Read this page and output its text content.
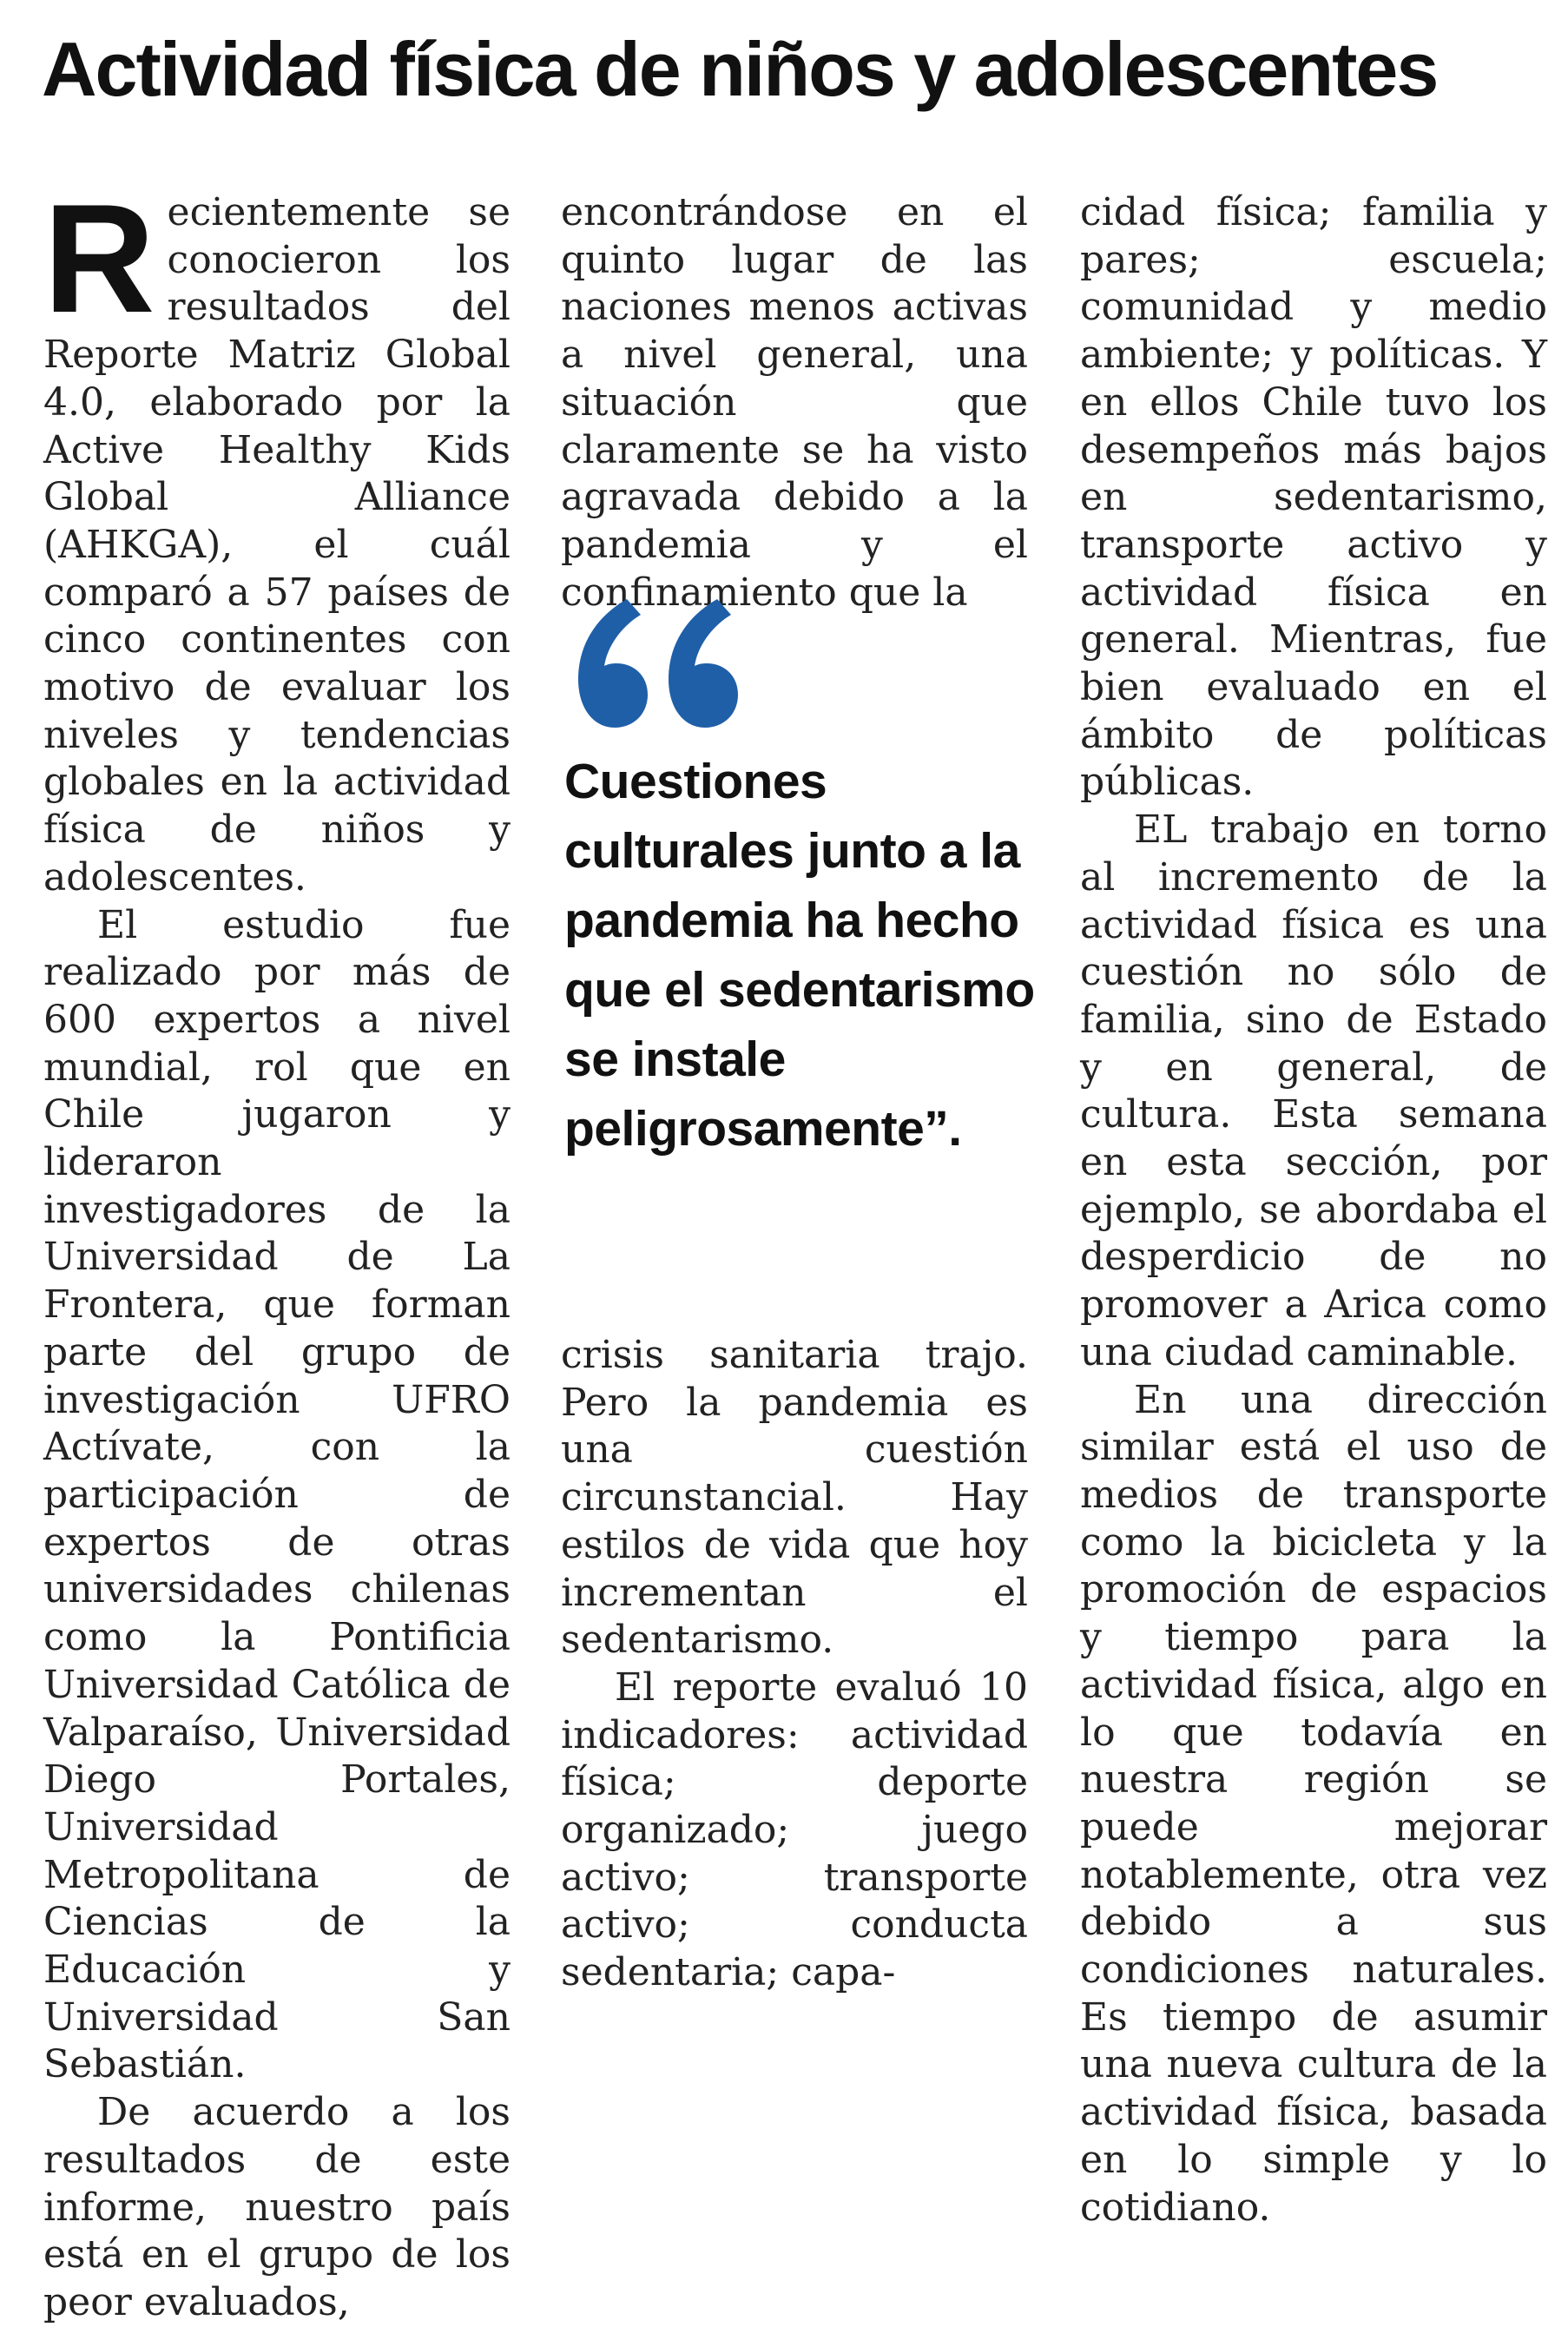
Actividad física de niños y adolescentes

Recientemente se conocieron los resultados del Reporte Matriz Global 4.0, elaborado por la Active Healthy Kids Global Alliance (AHKGA), el cuál comparó a 57 países de cinco continentes con motivo de evaluar los niveles y tendencias globales en la actividad física de niños y adolescentes.

El estudio fue realizado por más de 600 expertos a nivel mundial, rol que en Chile jugaron y lideraron investigadores de la Universidad de La Frontera, que forman parte del grupo de investigación UFRO Actívate, con la participación de expertos de otras universidades chilenas como la Pontificia Universidad Católica de Valparaíso, Universidad Diego Portales, Universidad Metropolitana de Ciencias de la Educación y Universidad San Sebastián.

De acuerdo a los resultados de este informe, nuestro país está en el grupo de los peor evaluados,

encontrándose en el quinto lugar de las naciones menos activas a nivel general, una situación que claramente se ha visto agravada debido a la pandemia y el confinamiento que la

Cuestiones culturales junto a la pandemia ha hecho que el sedentarismo se instale peligrosamente”.

crisis sanitaria trajo. Pero la pandemia es una cuestión circunstancial. Hay estilos de vida que hoy incrementan el sedentarismo.

El reporte evaluó 10 indicadores: actividad física; deporte organizado; juego activo; transporte activo; conducta sedentaria; capa-

cidad física; familia y pares; escuela; comunidad y medio ambiente; y políticas. Y en ellos Chile tuvo los desempeños más bajos en sedentarismo, transporte activo y actividad física en general. Mientras, fue bien evaluado en el ámbito de políticas públicas.

EL trabajo en torno al incremento de la actividad física es una cuestión no sólo de familia, sino de Estado y en general, de cultura. Esta semana en esta sección, por ejemplo, se abordaba el desperdicio de no promover a Arica como una ciudad caminable.

En una dirección similar está el uso de medios de transporte como la bicicleta y la promoción de espacios y tiempo para la actividad física, algo en lo que todavía en nuestra región se puede mejorar notablemente, otra vez debido a sus condiciones naturales. Es tiempo de asumir una nueva cultura de la actividad física, basada en lo simple y lo cotidiano.
